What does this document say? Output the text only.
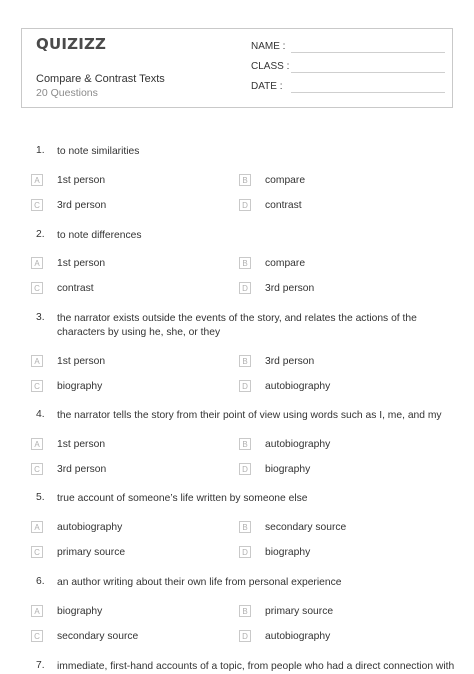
QUIZIZZ
Compare & Contrast Texts
20 Questions
NAME :
CLASS :
DATE :
1. to note similarities
A	1st person	B	compare
C	3rd person	D	contrast
2. to note differences
A	1st person	B	compare
C	contrast	D	3rd person
3. the narrator exists outside the events of the story, and relates the actions of the characters by using he, she, or they
A	1st person	B	3rd person
C	biography	D	autobiography
4. the narrator tells the story from their point of view using words such as I, me, and my
A	1st person	B	autobiography
C	3rd person	D	biography
5. true account of someone’s life written by someone else
A	autobiography	B	secondary source
C	primary source	D	biography
6. an author writing about their own life from personal experience
A	biography	B	primary source
C	secondary source	D	autobiography
7. immediate, first-hand accounts of a topic, from people who had a direct connection with
